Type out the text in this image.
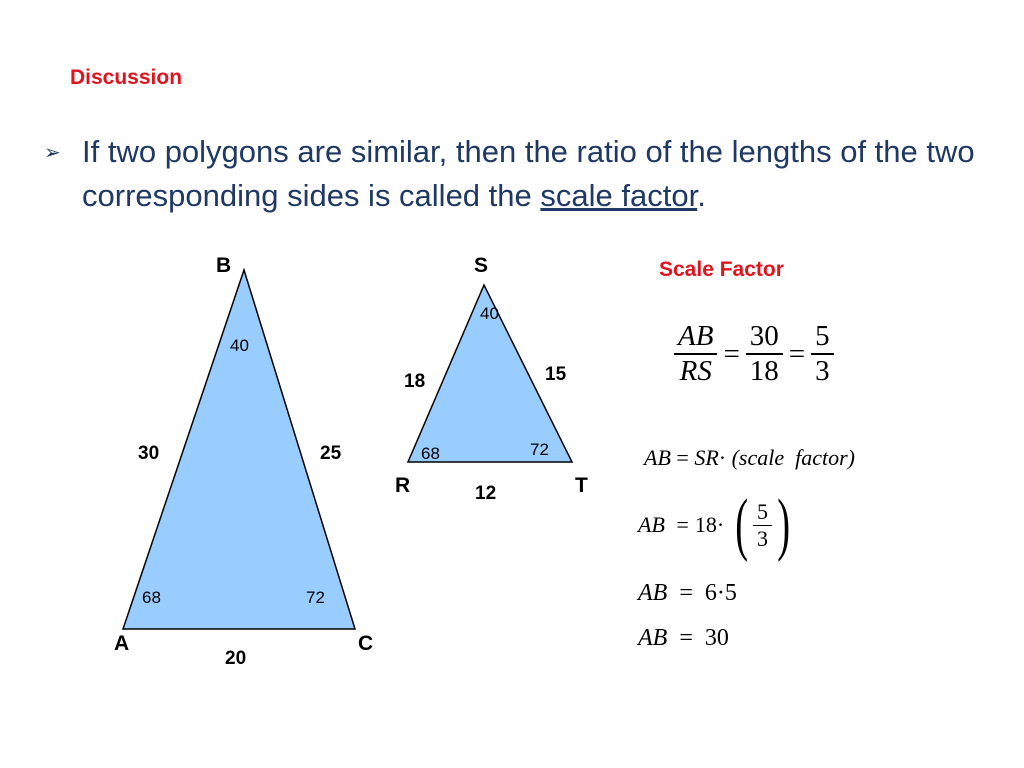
Discussion
➢ If two polygons are similar, then the ratio of the lengths of the two corresponding sides is called the scale factor.
B
A	C
30	25
20
40
68	72
S
R	T
18	15
12
40
68	72
Scale Factor
$\frac{AB}{RS} = \frac{30}{18} = \frac{5}{3}$
AB = SR· (scale  factor)
AB = 18· ( $\frac{5}{3}$ )
AB = 6·5
AB = 30
